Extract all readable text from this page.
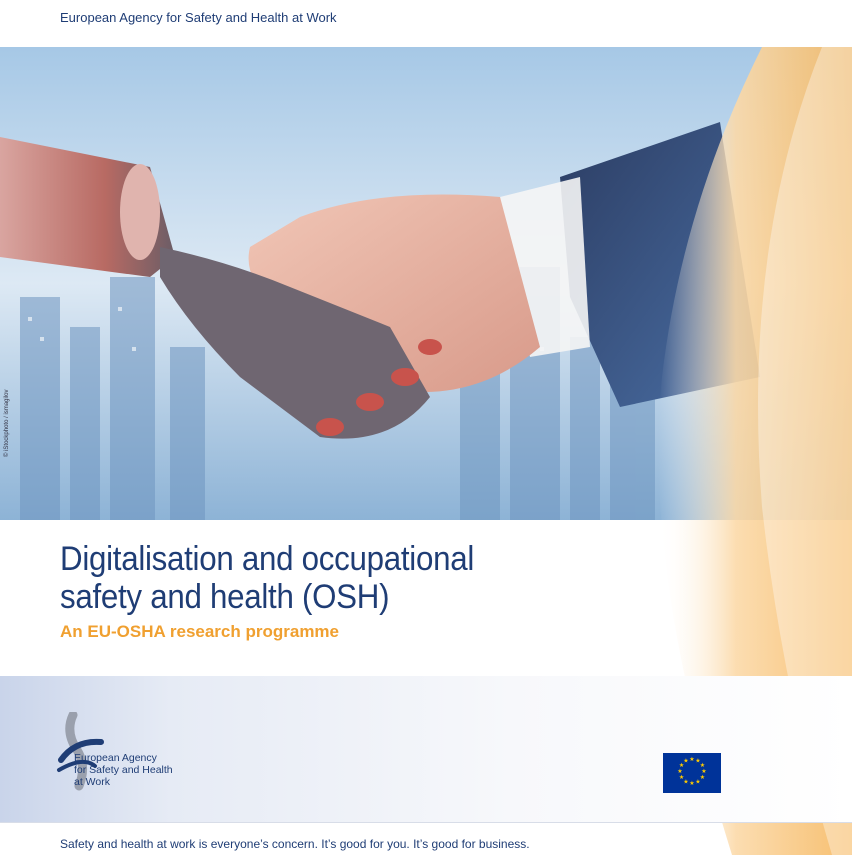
European Agency for Safety and Health at Work
© iStockphoto / ismagilov
Digitalisation and occupational
safety and health (OSH)
An EU-OSHA research programme
European Agency
for Safety and Health
at Work
★ ★
★
★
★
★
★
★
★
★
★
★
Safety and health at work is everyone’s concern. It’s good for you. It’s good for business.
